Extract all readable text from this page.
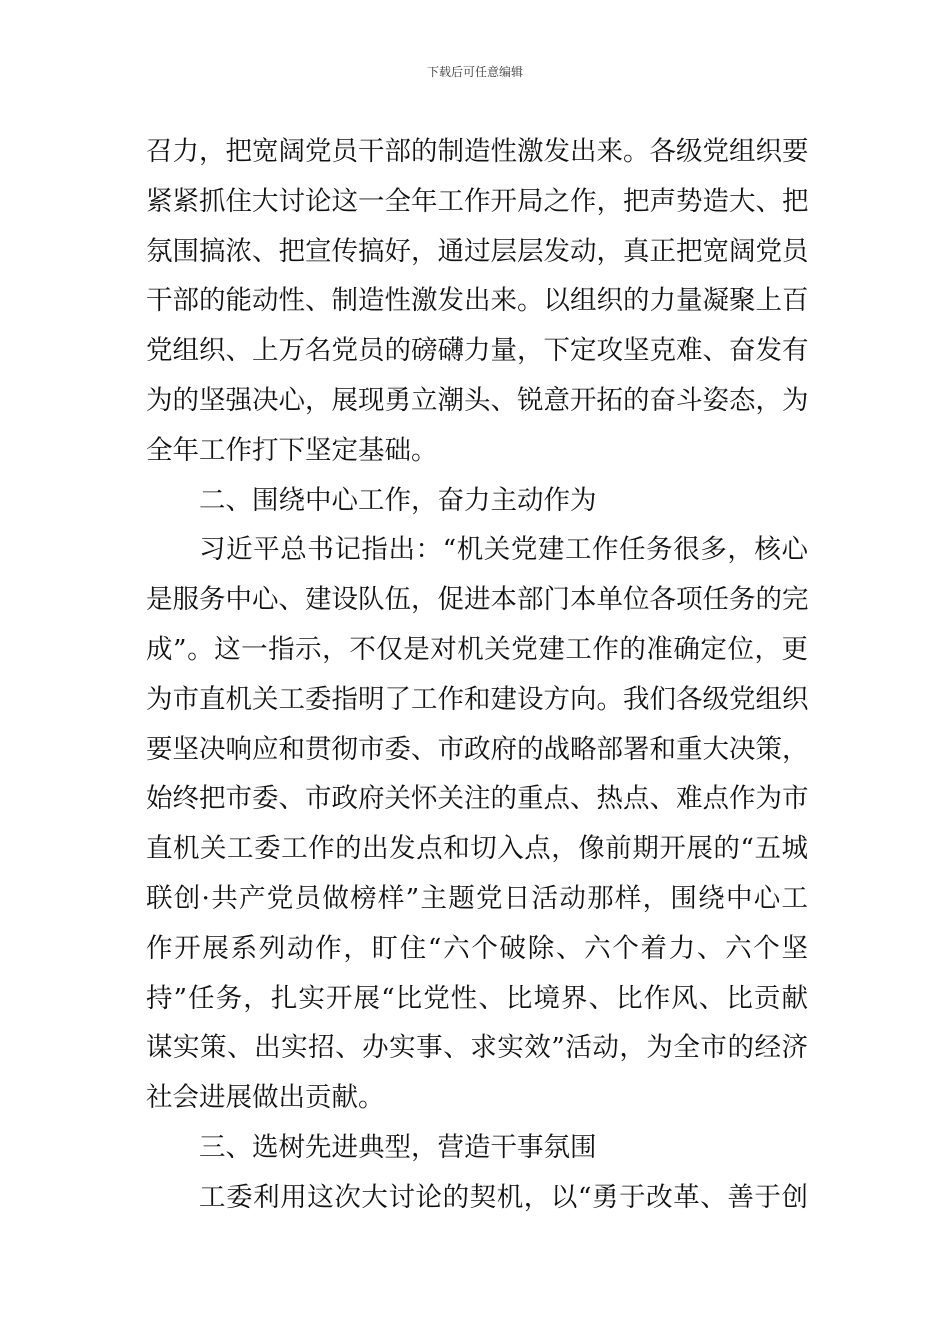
下载后可任意编辑
召力，把宽阔党员干部的制造性激发出来。各级党组织要
紧紧抓住大讨论这一全年工作开局之作，把声势造大、把
氛围搞浓、把宣传搞好，通过层层发动，真正把宽阔党员
干部的能动性、制造性激发出来。以组织的力量凝聚上百
党组织、上万名党员的磅礴力量，下定攻坚克难、奋发有
为的坚强决心，展现勇立潮头、锐意开拓的奋斗姿态，为
全年工作打下坚定基础。
二、围绕中心工作，奋力主动作为
习近平总书记指出：“机关党建工作任务很多，核心
是服务中心、建设队伍，促进本部门本单位各项任务的完
成”。这一指示，不仅是对机关党建工作的准确定位，更
为市直机关工委指明了工作和建设方向。我们各级党组织
要坚决响应和贯彻市委、市政府的战略部署和重大决策，
始终把市委、市政府关怀关注的重点、热点、难点作为市
直机关工委工作的出发点和切入点，像前期开展的“五城
联创·共产党员做榜样”主题党日活动那样，围绕中心工
作开展系列动作，盯住“六个破除、六个着力、六个坚
持”任务，扎实开展“比党性、比境界、比作风、比贡献
谋实策、出实招、办实事、求实效”活动，为全市的经济
社会进展做出贡献。
三、选树先进典型，营造干事氛围
工委利用这次大讨论的契机，以“勇于改革、善于创
